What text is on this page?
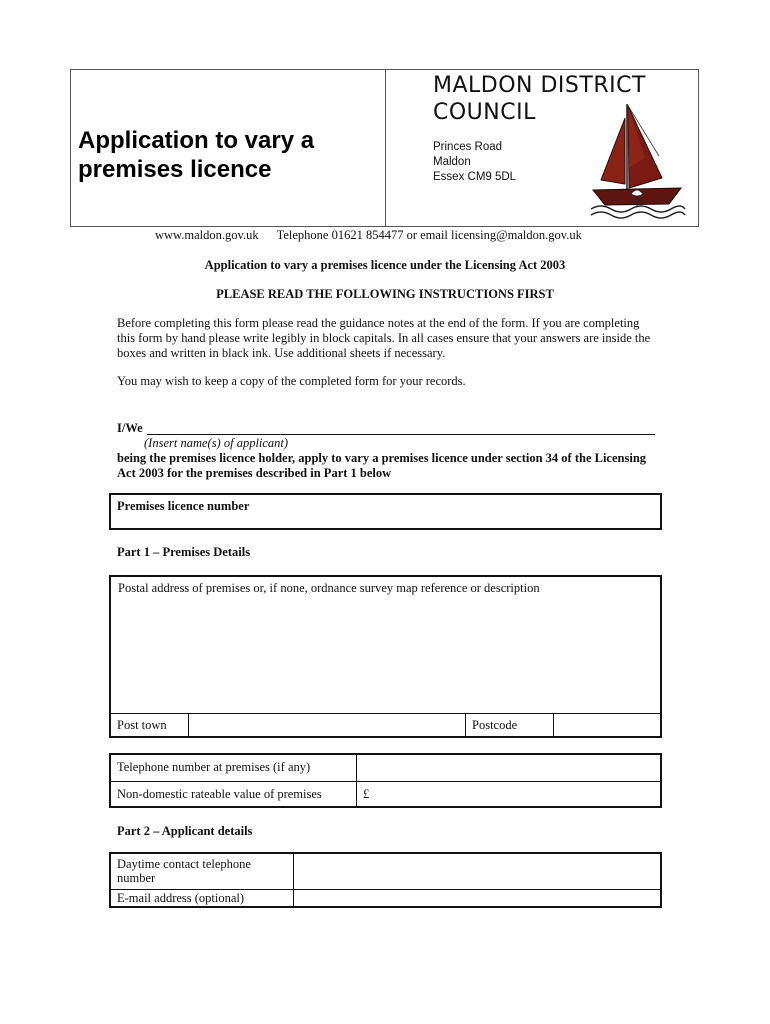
Application to vary a premises licence
MALDON DISTRICT
COUNCIL
Princes Road
Maldon
Essex CM9 5DL
www.maldon.gov.uk Telephone 01621 854477 or email licensing@maldon.gov.uk
Application to vary a premises licence under the Licensing Act 2003
PLEASE READ THE FOLLOWING INSTRUCTIONS FIRST
Before completing this form please read the guidance notes at the end of the form. If you are completing this form by hand please write legibly in block capitals. In all cases ensure that your answers are inside the boxes and written in black ink. Use additional sheets if necessary.
You may wish to keep a copy of the completed form for your records.
I/We
(Insert name(s) of applicant)
being the premises licence holder, apply to vary a premises licence under section 34 of the Licensing Act 2003 for the premises described in Part 1 below
Premises licence number
Part 1 – Premises Details
Postal address of premises or, if none, ordnance survey map reference or description
Post town	Postcode
Telephone number at premises (if any)
Non-domestic rateable value of premises	£
Part 2 – Applicant details
Daytime contact telephone number
E-mail address (optional)
